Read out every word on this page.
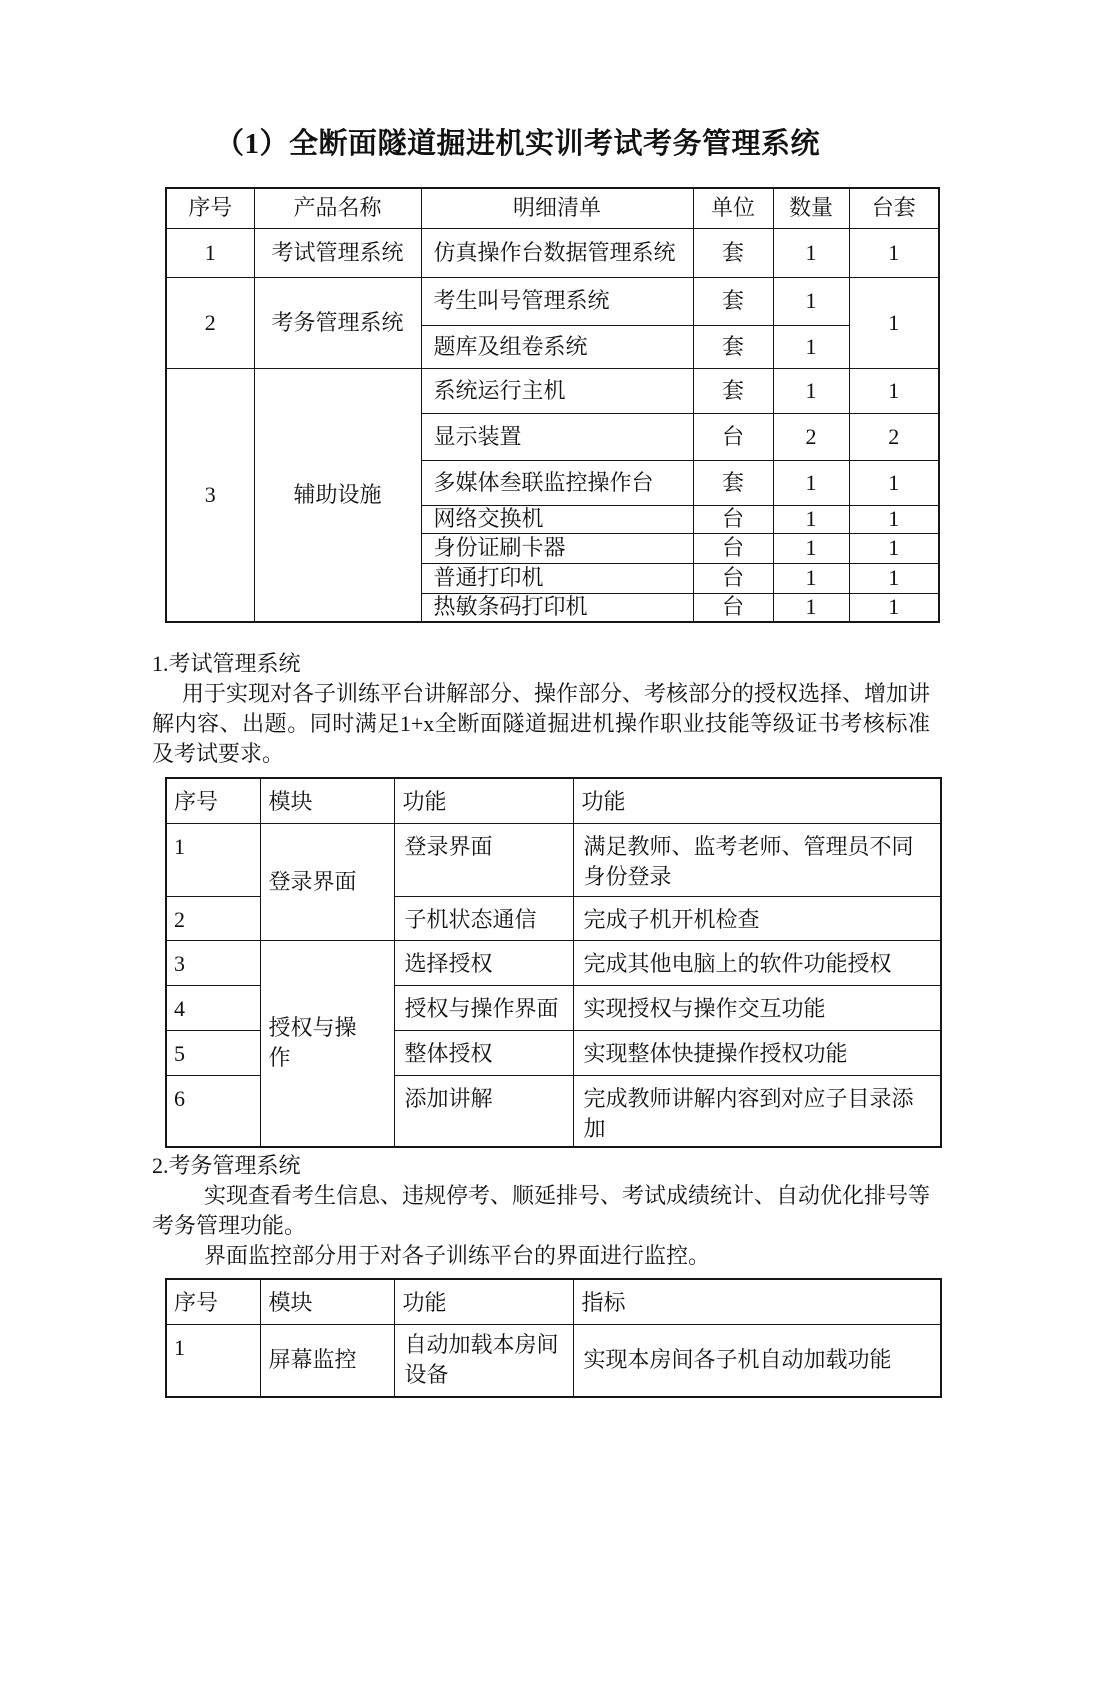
（1）全断面隧道掘进机实训考试考务管理系统
序号	产品名称	明细清单	单位	数量	台套
1	考试管理系统	仿真操作台数据管理系统	套	1	1
2	考务管理系统	考生叫号管理系统	套	1	1
		题库及组卷系统	套	1	
3	辅助设施	系统运行主机	套	1	1
		显示装置	台	2	2
		多媒体叁联监控操作台	套	1	1
		网络交换机	台	1	1
		身份证刷卡器	台	1	1
		普通打印机	台	1	1
		热敏条码打印机	台	1	1
1.考试管理系统

用于实现对各子训练平台讲解部分、操作部分、考核部分的授权选择、增加讲解内容、出题。同时满足1+x全断面隧道掘进机操作职业技能等级证书考核标准及考试要求。

序号	模块	功能	功能
1	登录界面	登录界面	满足教师、监考老师、管理员不同身份登录
2		子机状态通信	完成子机开机检查
3	授权与操作	选择授权	完成其他电脑上的软件功能授权
4		授权与操作界面	实现授权与操作交互功能
5		整体授权	实现整体快捷操作授权功能
6		添加讲解	完成教师讲解内容到对应子目录添加
2.考务管理系统

实现查看考生信息、违规停考、顺延排号、考试成绩统计、自动优化排号等考务管理功能。

界面监控部分用于对各子训练平台的界面进行监控。

序号	模块	功能	指标
1	屏幕监控	自动加载本房间设备	实现本房间各子机自动加载功能
